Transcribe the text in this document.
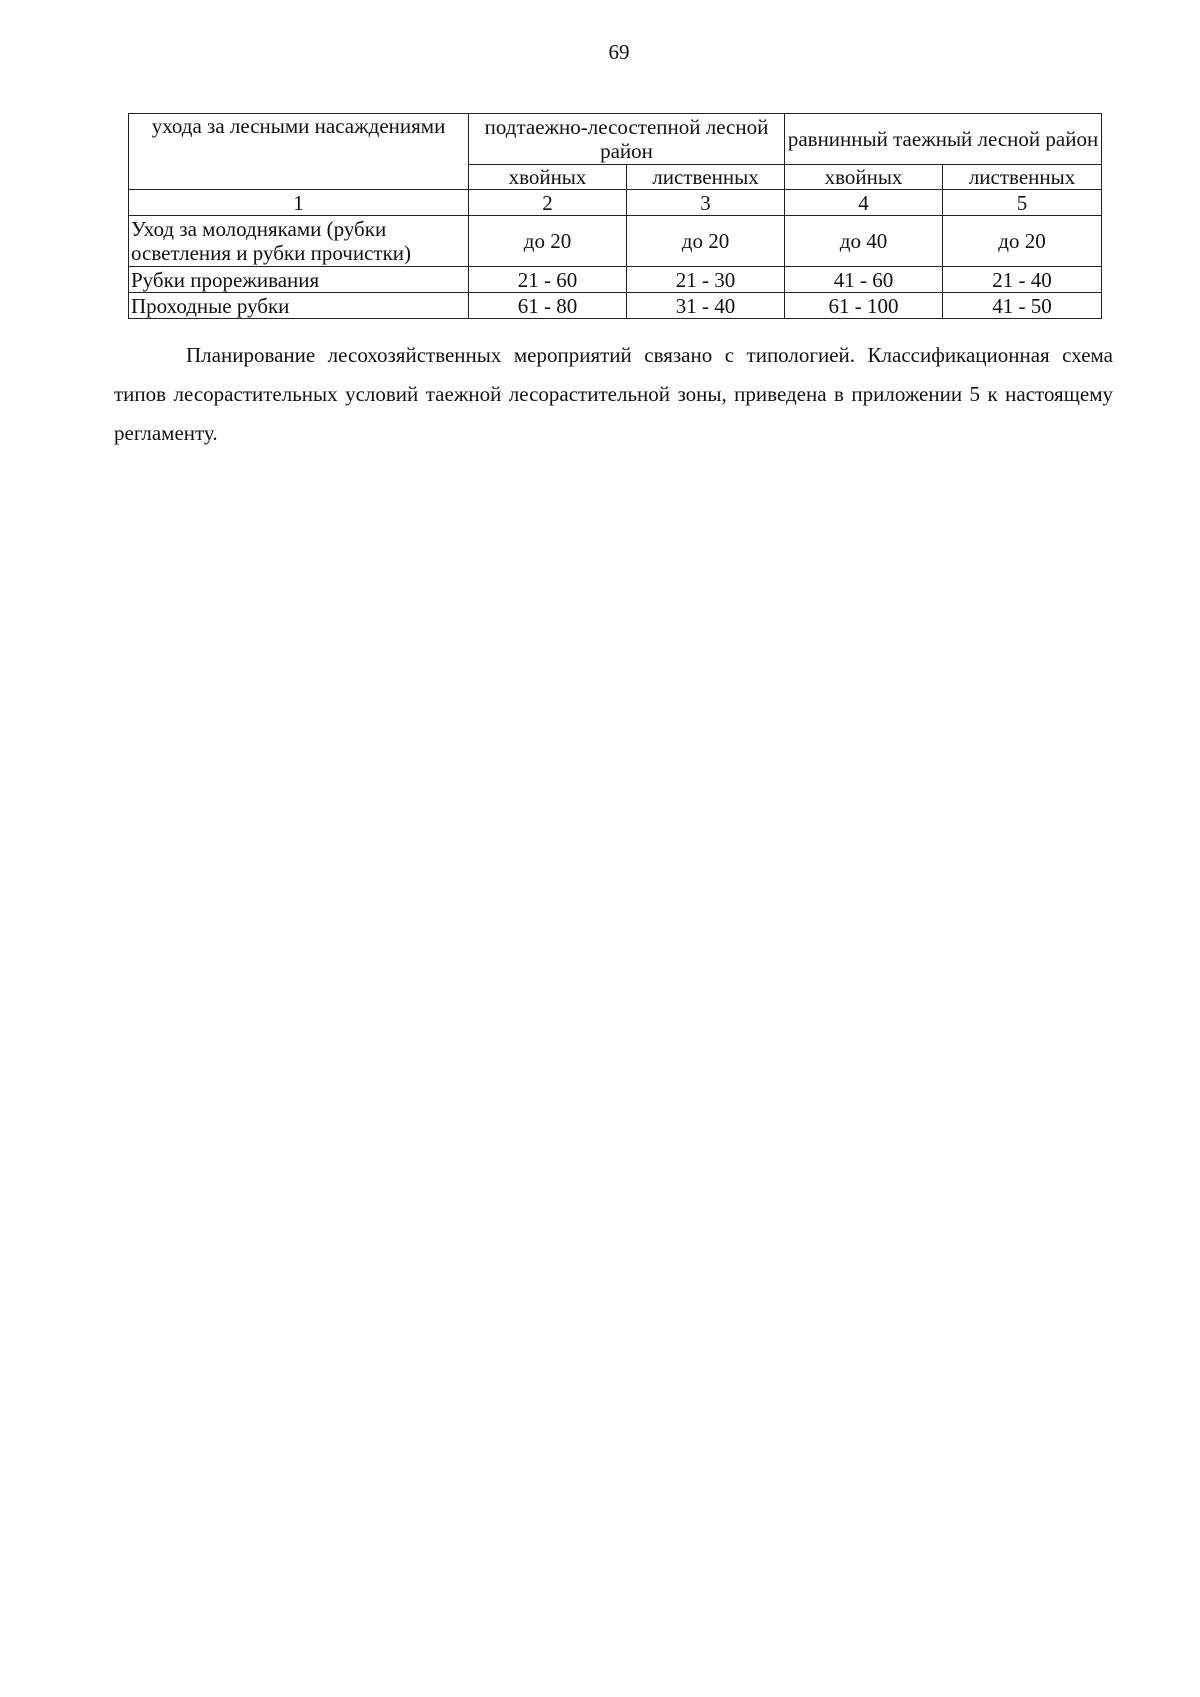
69
ухода за лесными насаждениями	подтаежно-лесостепной лесной район		равнинный таежный лесной район	
	хвойных	лиственных	хвойных	лиственных
1	2	3	4	5
Уход за молодняками (рубки осветления и рубки прочистки)	до 20	до 20	до 40	до 20
Рубки прореживания	21 - 60	21 - 30	41 - 60	21 - 40
Проходные рубки	61 - 80	31 - 40	61 - 100	41 - 50

Планирование лесохозяйственных мероприятий связано с типологией. Классификационная схема типов лесорастительных условий таежной лесорастительной зоны, приведена в приложении 5 к настоящему регламенту.
